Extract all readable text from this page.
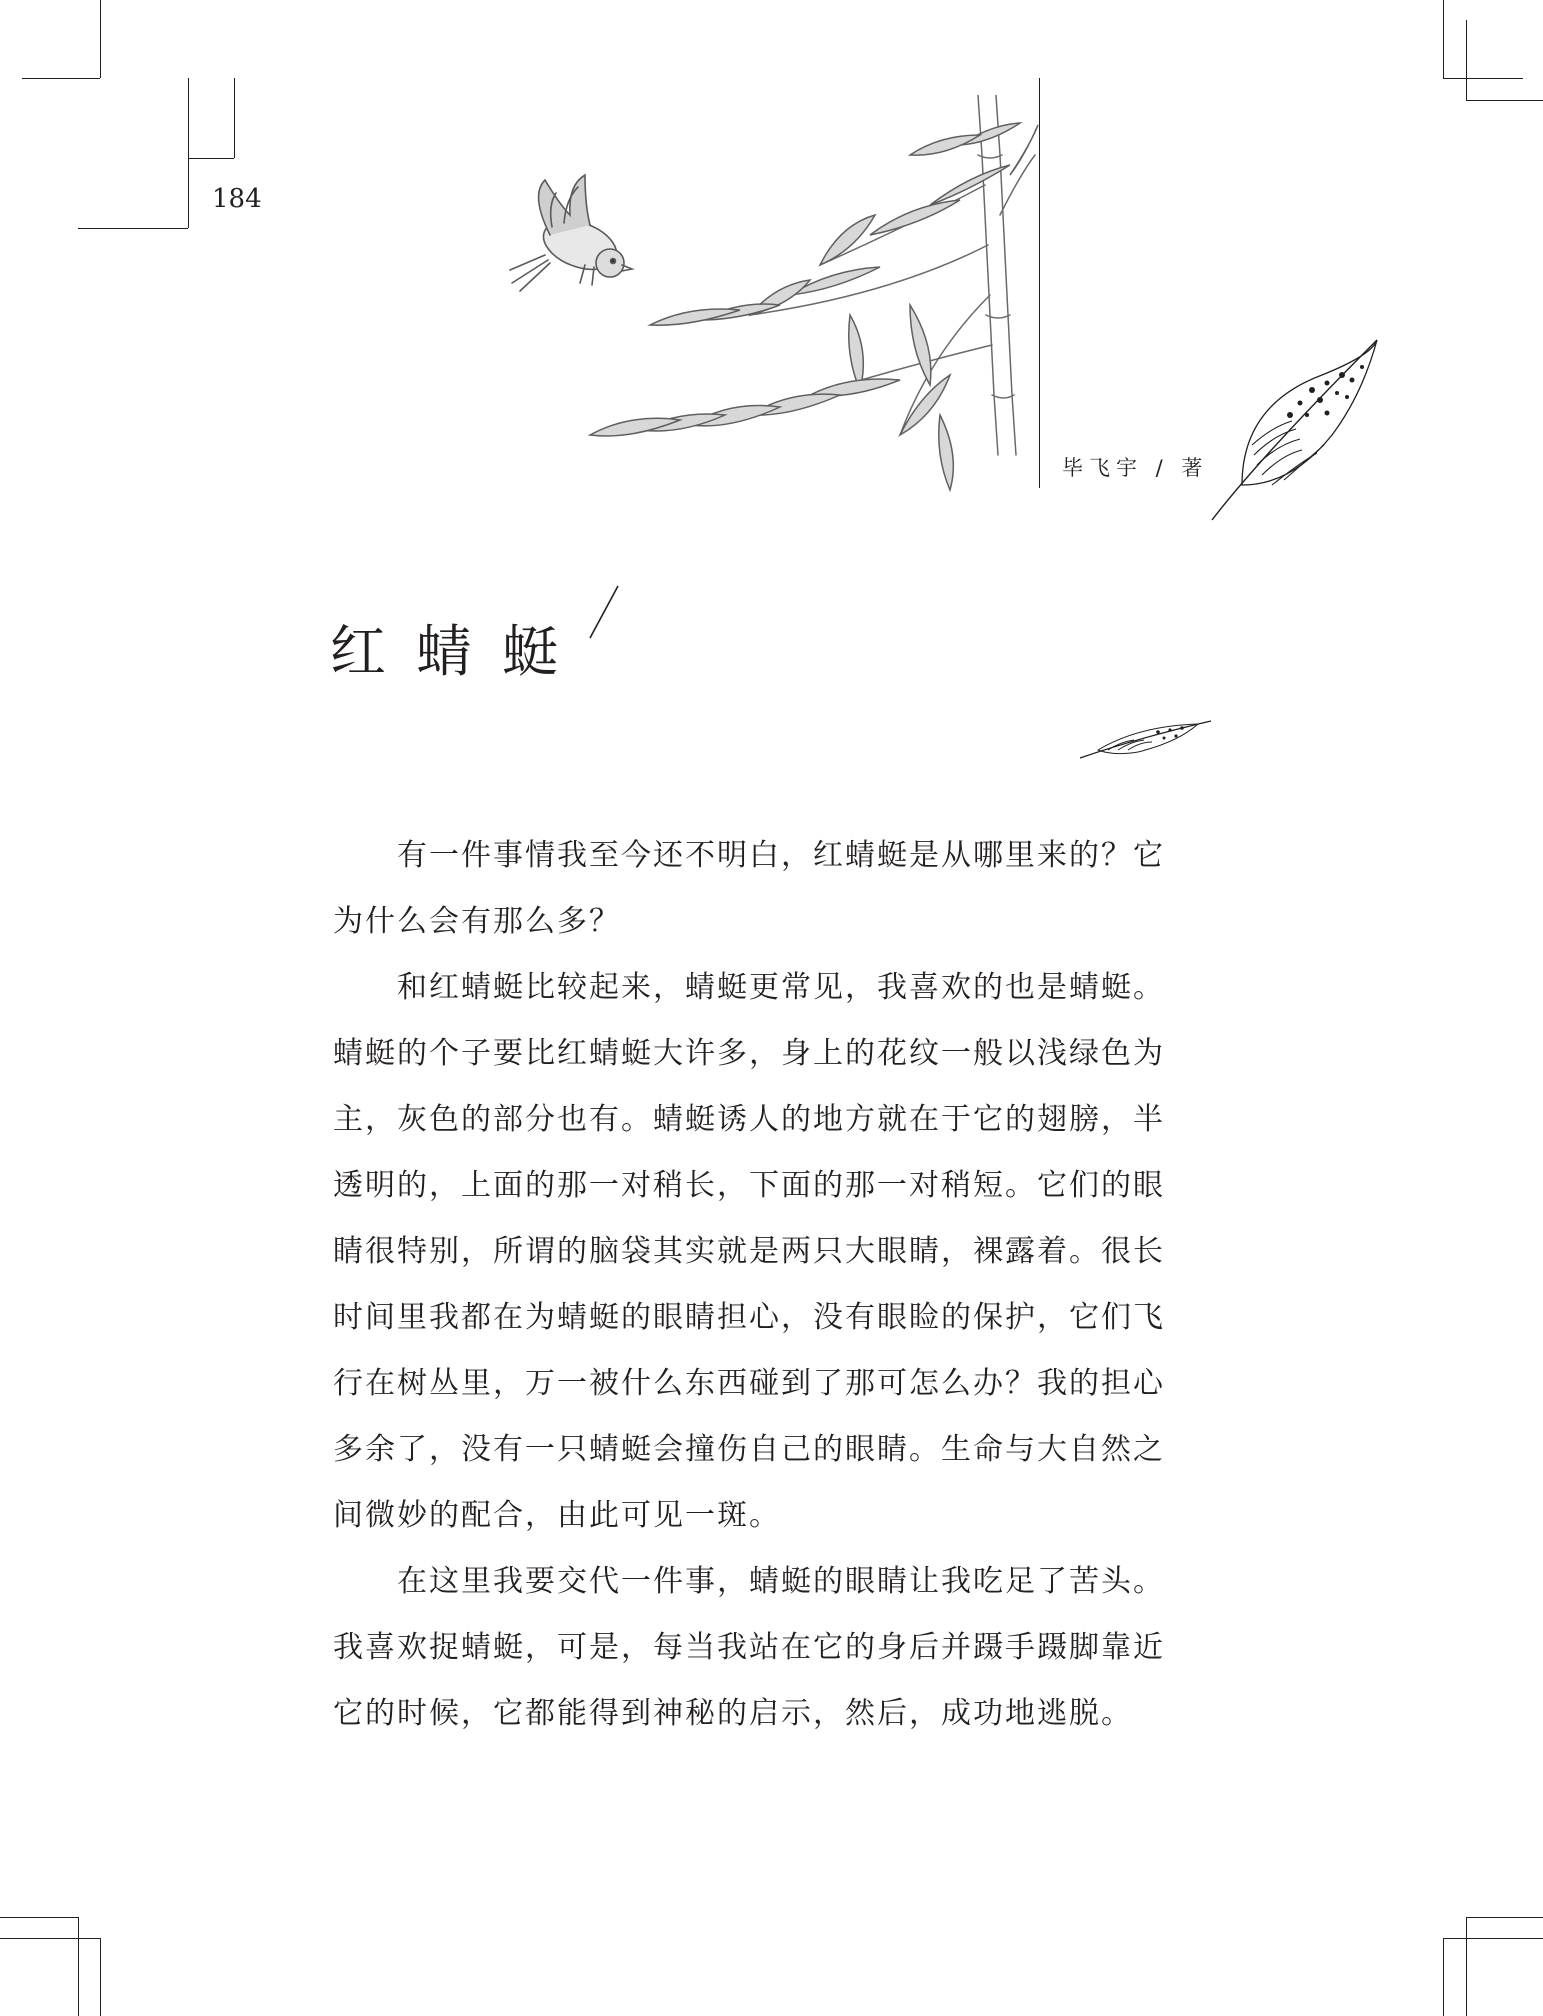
184
毕飞宇 / 著
红蜻蜓

有一件事情我至今还不明白，红蜻蜓是从哪里来的？它为什么会有那么多？

和红蜻蜓比较起来，蜻蜓更常见，我喜欢的也是蜻蜓。蜻蜓的个子要比红蜻蜓大许多，身上的花纹一般以浅绿色为主，灰色的部分也有。蜻蜓诱人的地方就在于它的翅膀，半透明的，上面的那一对稍长，下面的那一对稍短。它们的眼睛很特别，所谓的脑袋其实就是两只大眼睛，裸露着。很长时间里我都在为蜻蜓的眼睛担心，没有眼睑的保护，它们飞行在树丛里，万一被什么东西碰到了那可怎么办？我的担心多余了，没有一只蜻蜓会撞伤自己的眼睛。生命与大自然之间微妙的配合，由此可见一斑。

在这里我要交代一件事，蜻蜓的眼睛让我吃足了苦头。我喜欢捉蜻蜓，可是，每当我站在它的身后并蹑手蹑脚靠近它的时候，它都能得到神秘的启示，然后，成功地逃脱。
